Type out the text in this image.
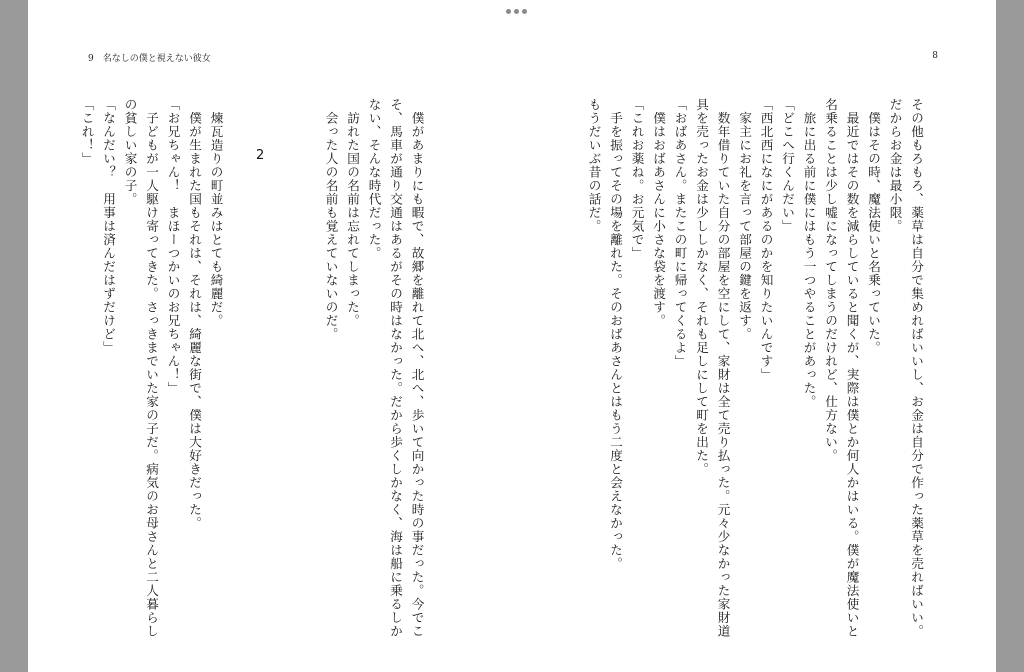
9　名なしの僕と視えない彼女	8
その他もろもろ、薬草は自分で集めればいいし、お金は自分で作った薬草を売ればいい。
だからお金は最小限。
　僕はその時、魔法使いと名乗っていた。
　最近ではその数を減らしていると聞くが、実際は僕とか何人かはいる。僕が魔法使いと
名乗ることは少し嘘になってしまうのだけれど、仕方ない。
　旅に出る前に僕にはもう一つやることがあった。
「どこへ行くんだい」
「西北西になにがあるのかを知りたいんです」
　家主にお礼を言って部屋の鍵を返す。
　数年借りていた自分の部屋を空にして、家財は全て売り払った。元々少なかった家財道
具を売ったお金は少ししかなく、それも足しにして町を出た。
「おばあさん。またこの町に帰ってくるよ」
　僕はおばあさんに小さな袋を渡す。
「これお薬ね。お元気で」
　手を振ってその場を離れた。そのおばあさんとはもう二度と会えなかった。
もうだいぶ昔の話だ。
　僕があまりにも暇で、故郷を離れて北へ、北へ、歩いて向かった時の事だった。今でこ
そ、馬車が通り交通はあるがその時はなかった。だから歩くしかなく、海は船に乗るしか
ない、そんな時代だった。
　訪れた国の名前は忘れてしまった。
　会った人の名前も覚えていないのだ。
2
　煉瓦造りの町並みはとても綺麗だ。
　僕が生まれた国もそれは、それは、綺麗な街で、僕は大好きだった。
「お兄ちゃん！　まほーつかいのお兄ちゃん！」
　子どもが一人駆け寄ってきた。さっきまでいた家の子だ。病気のお母さんと二人暮らし
の貧しい家の子。
「なんだい？　用事は済んだはずだけど」
「これ！」
